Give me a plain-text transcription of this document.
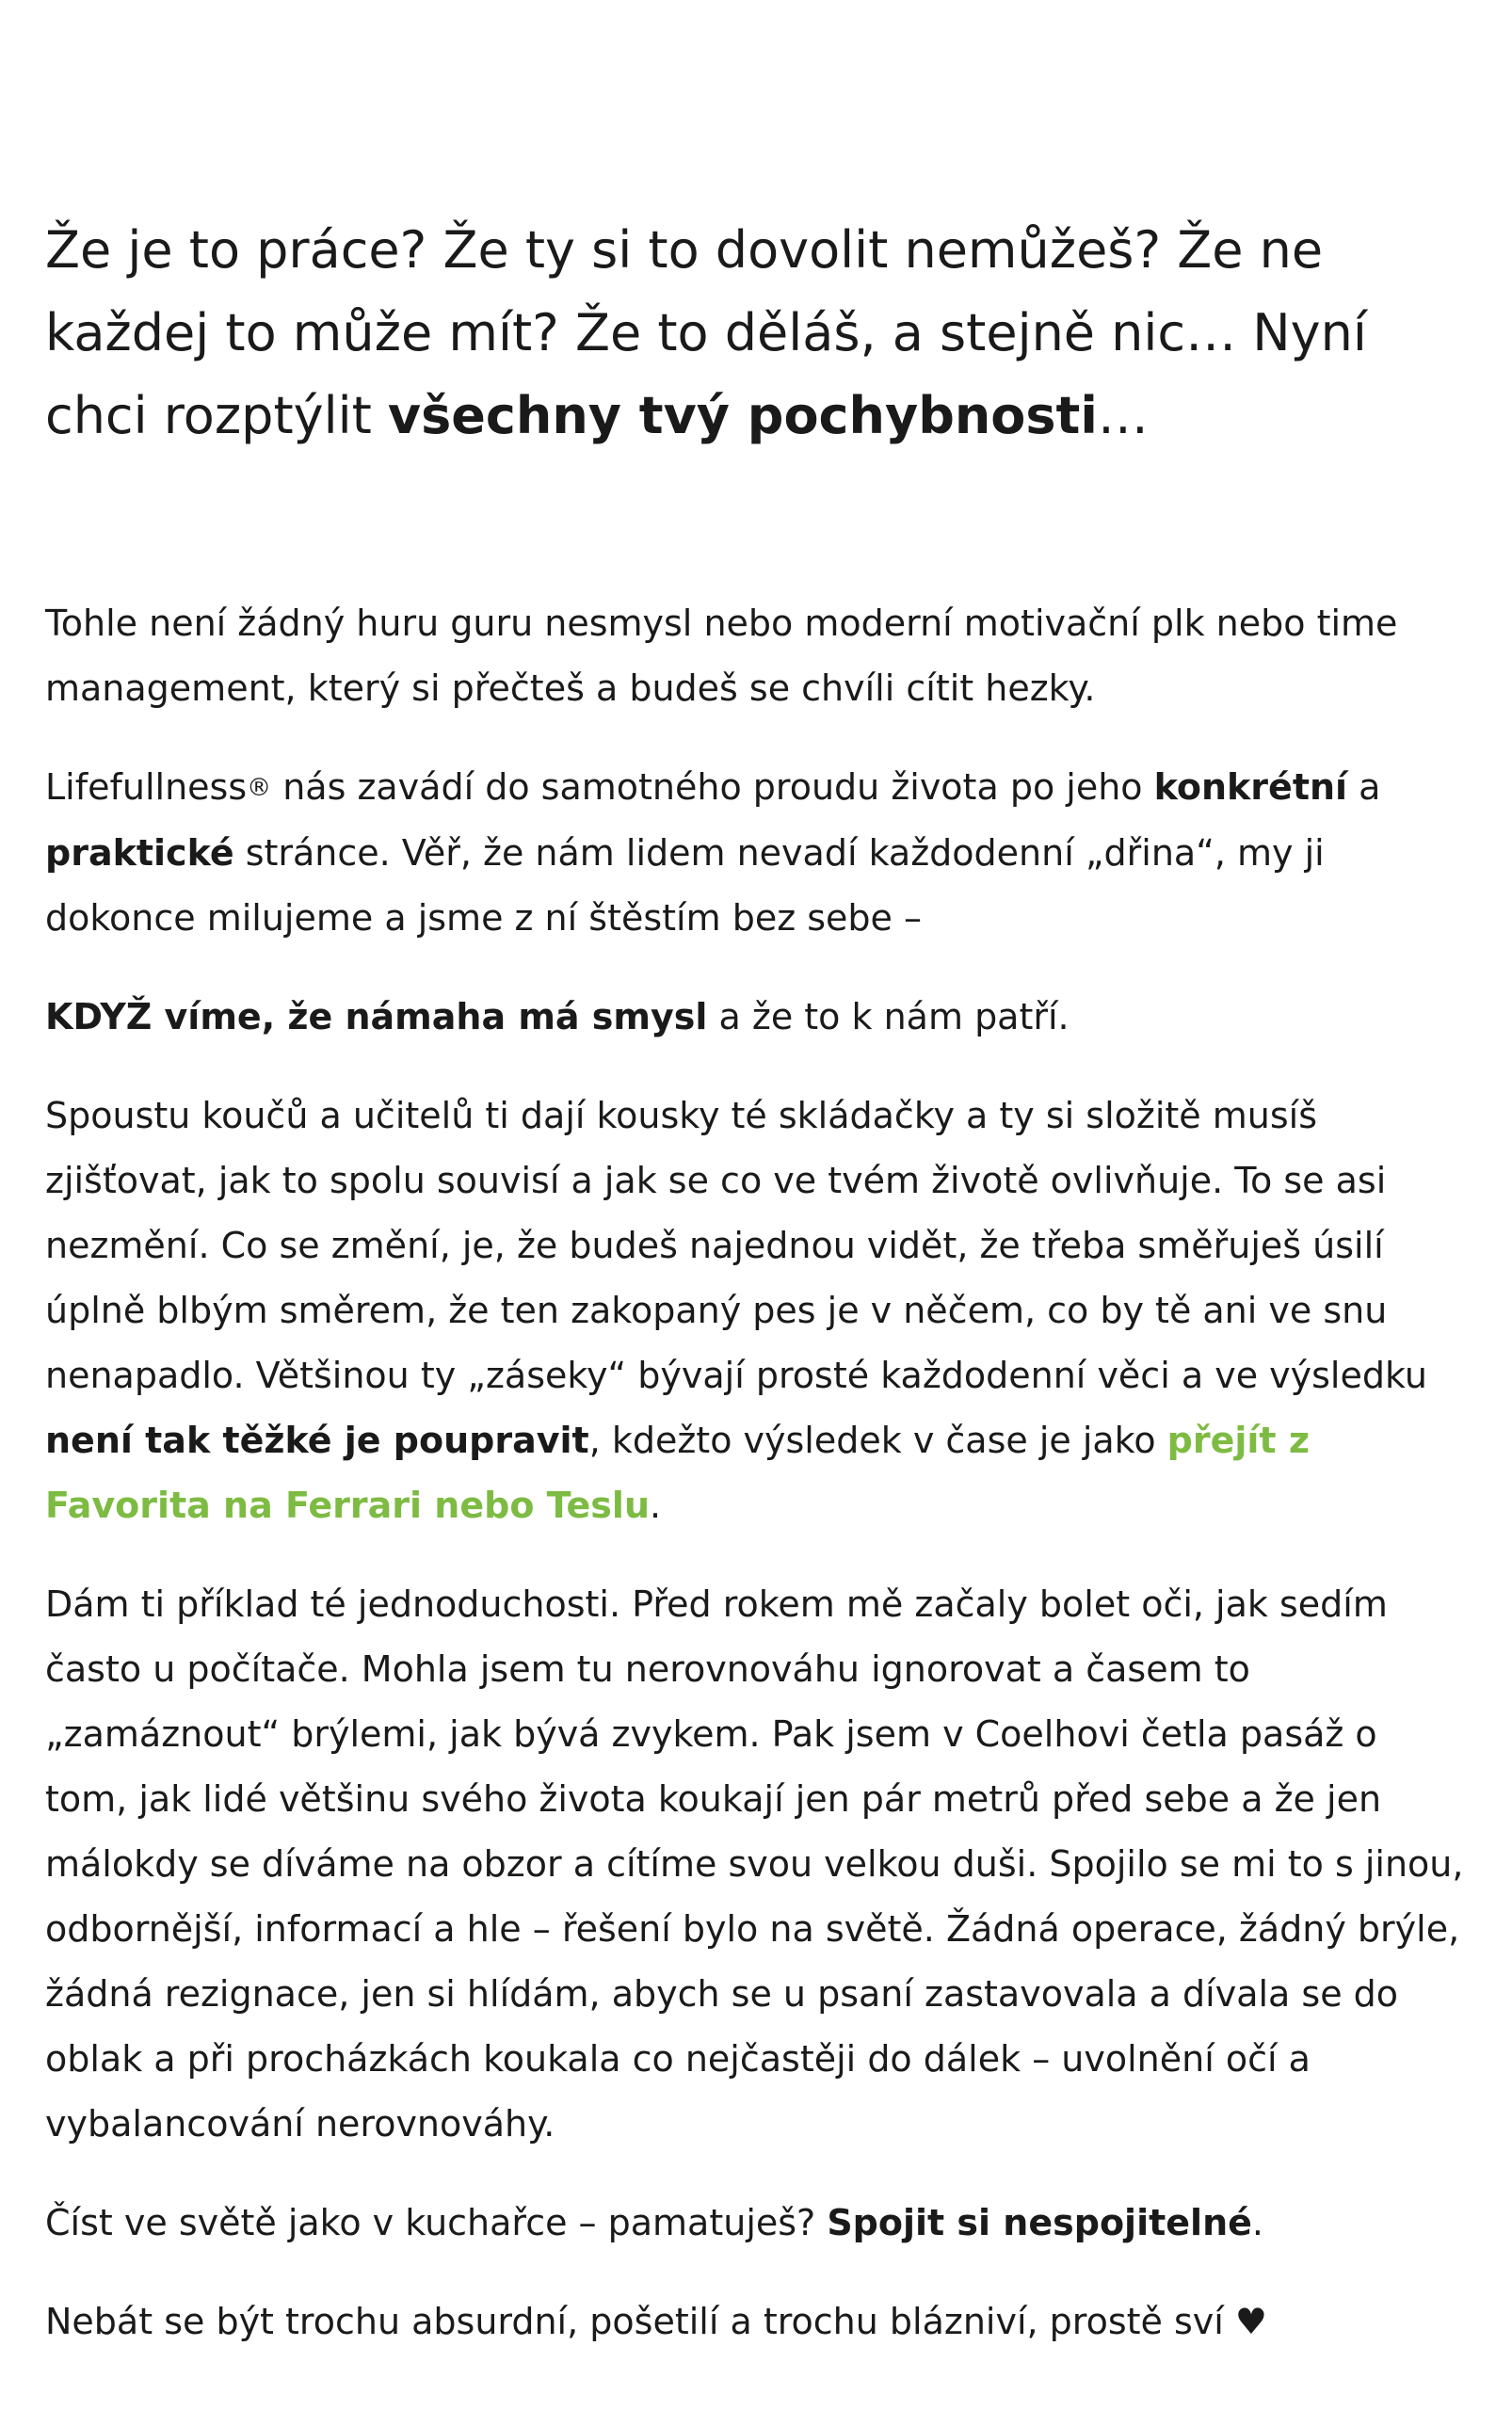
Že je to práce? Že ty si to dovolit nemůžeš? Že ne každej to může mít? Že to děláš, a stejně nic… Nyní chci rozptýlit všechny tvý pochybnosti…

Tohle není žádný huru guru nesmysl nebo moderní motivační plk nebo time management, který si přečteš a budeš se chvíli cítit hezky.

Lifefullness® nás zavádí do samotného proudu života po jeho konkrétní a praktické stránce. Věř, že nám lidem nevadí každodenní „dřina“, my ji dokonce milujeme a jsme z ní štěstím bez sebe –

KDYŽ víme, že námaha má smysl a že to k nám patří.

Spoustu koučů a učitelů ti dají kousky té skládačky a ty si složitě musíš zjišťovat, jak to spolu souvisí a jak se co ve tvém životě ovlivňuje. To se asi nezmění. Co se změní, je, že budeš najednou vidět, že třeba směřuješ úsilí úplně blbým směrem, že ten zakopaný pes je v něčem, co by tě ani ve snu nenapadlo. Většinou ty „záseky“ bývají prosté každodenní věci a ve výsledku není tak těžké je poupravit, kdežto výsledek v čase je jako přejít z Favorita na Ferrari nebo Teslu.

Dám ti příklad té jednoduchosti. Před rokem mě začaly bolet oči, jak sedím často u počítače. Mohla jsem tu nerovnováhu ignorovat a časem to „zamáznout“ brýlemi, jak bývá zvykem. Pak jsem v Coelhovi četla pasáž o tom, jak lidé většinu svého života koukají jen pár metrů před sebe a že jen málokdy se díváme na obzor a cítíme svou velkou duši. Spojilo se mi to s jinou, odbornější, informací a hle – řešení bylo na světě. Žádná operace, žádný brýle, žádná rezignace, jen si hlídám, abych se u psaní zastavovala a dívala se do oblak a při procházkách koukala co nejčastěji do dálek – uvolnění očí a vybalancování nerovnováhy.

Číst ve světě jako v kuchařce – pamatuješ? Spojit si nespojitelné.

Nebát se být trochu absurdní, pošetilí a trochu blázniví, prostě sví ♥
